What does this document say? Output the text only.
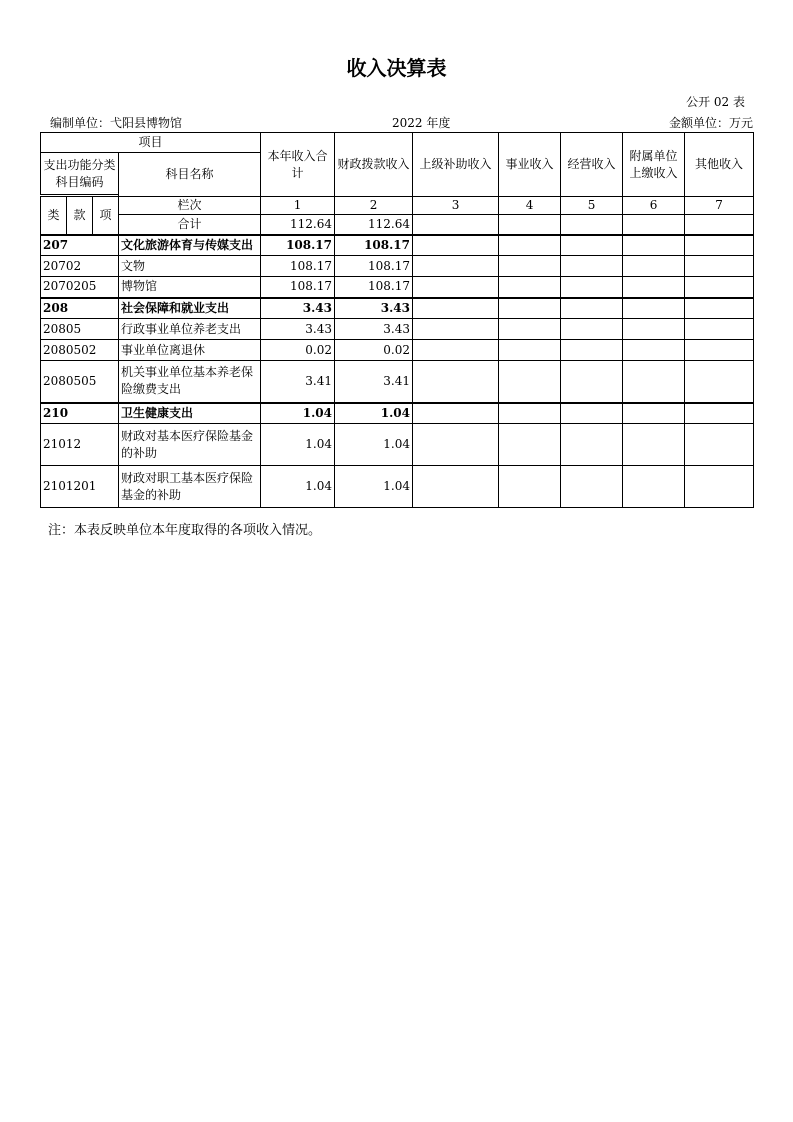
收入决算表
公开 02 表
编制单位：弋阳县博物馆	2022 年度	金额单位：万元
项目				本年收入合计	财政拨款收入	上级补助收入	事业收入	经营收入	附属单位上缴收入	其他收入
支出功能分类科目编码			科目名称							

类	款	项	栏次	1	2	3	4	5	6	7
			合计	112.64	112.64					
207			文化旅游体育与传媒支出	108.17	108.17					
20702			文物	108.17	108.17					
2070205			博物馆	108.17	108.17					
208			社会保障和就业支出	3.43	3.43					
20805			行政事业单位养老支出	3.43	3.43					
2080502			事业单位离退休	0.02	0.02					
2080505			机关事业单位基本养老保险缴费支出	3.41	3.41					
210			卫生健康支出	1.04	1.04					
21012			财政对基本医疗保险基金的补助	1.04	1.04					
2101201			财政对职工基本医疗保险基金的补助	1.04	1.04					
注：本表反映单位本年度取得的各项收入情况。
